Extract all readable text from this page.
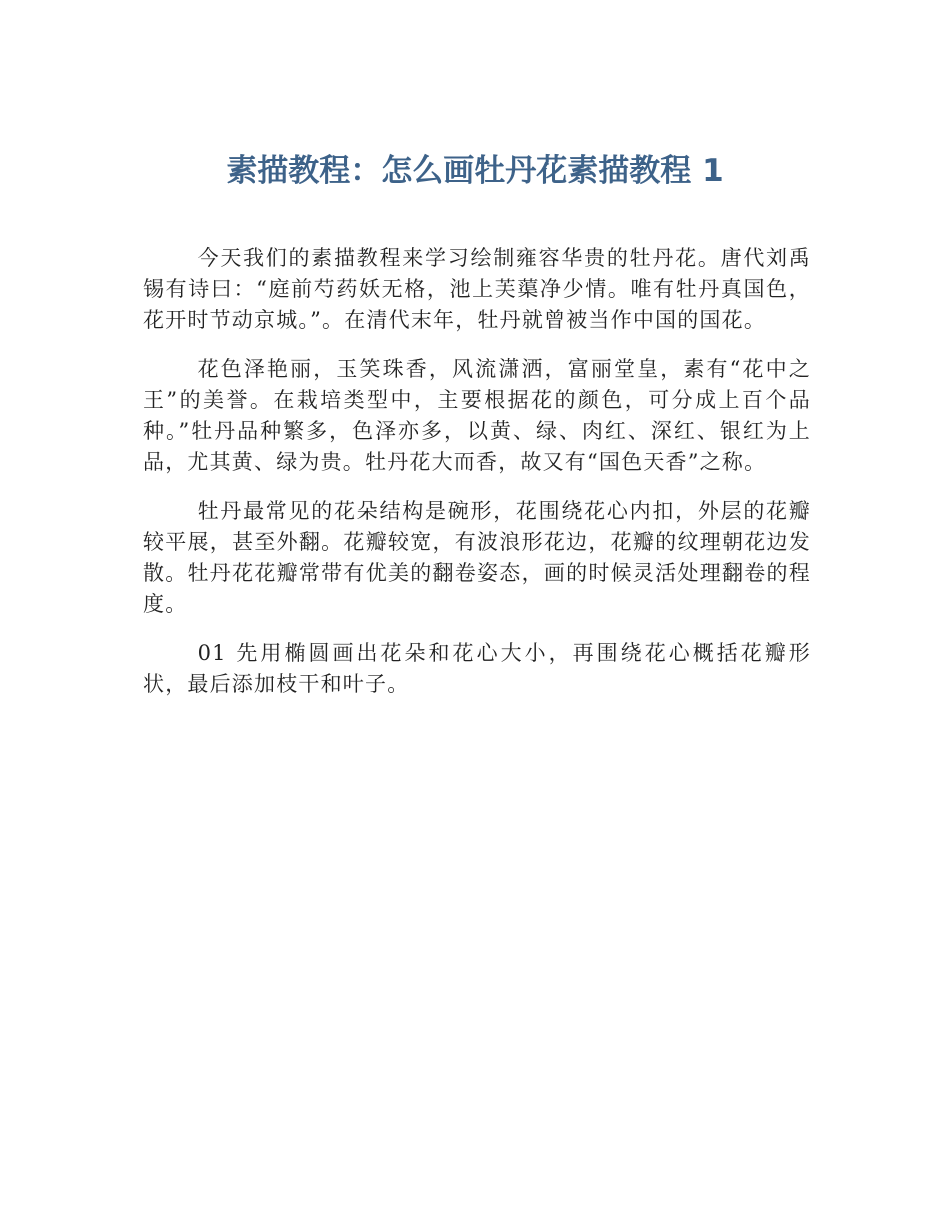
素描教程：怎么画牡丹花素描教程 1

今天我们的素描教程来学习绘制雍容华贵的牡丹花。唐代刘禹锡有诗曰：“庭前芍药妖无格，池上芙蕖净少情。唯有牡丹真国色，花开时节动京城。”。在清代末年，牡丹就曾被当作中国的国花。

花色泽艳丽，玉笑珠香，风流潇洒，富丽堂皇，素有“花中之王”的美誉。在栽培类型中，主要根据花的颜色，可分成上百个品种。”牡丹品种繁多，色泽亦多，以黄、绿、肉红、深红、银红为上品，尤其黄、绿为贵。牡丹花大而香，故又有“国色天香”之称。

牡丹最常见的花朵结构是碗形，花围绕花心内扣，外层的花瓣较平展，甚至外翻。花瓣较宽，有波浪形花边，花瓣的纹理朝花边发散。牡丹花花瓣常带有优美的翻卷姿态，画的时候灵活处理翻卷的程度。

01 先用椭圆画出花朵和花心大小，再围绕花心概括花瓣形状，最后添加枝干和叶子。
